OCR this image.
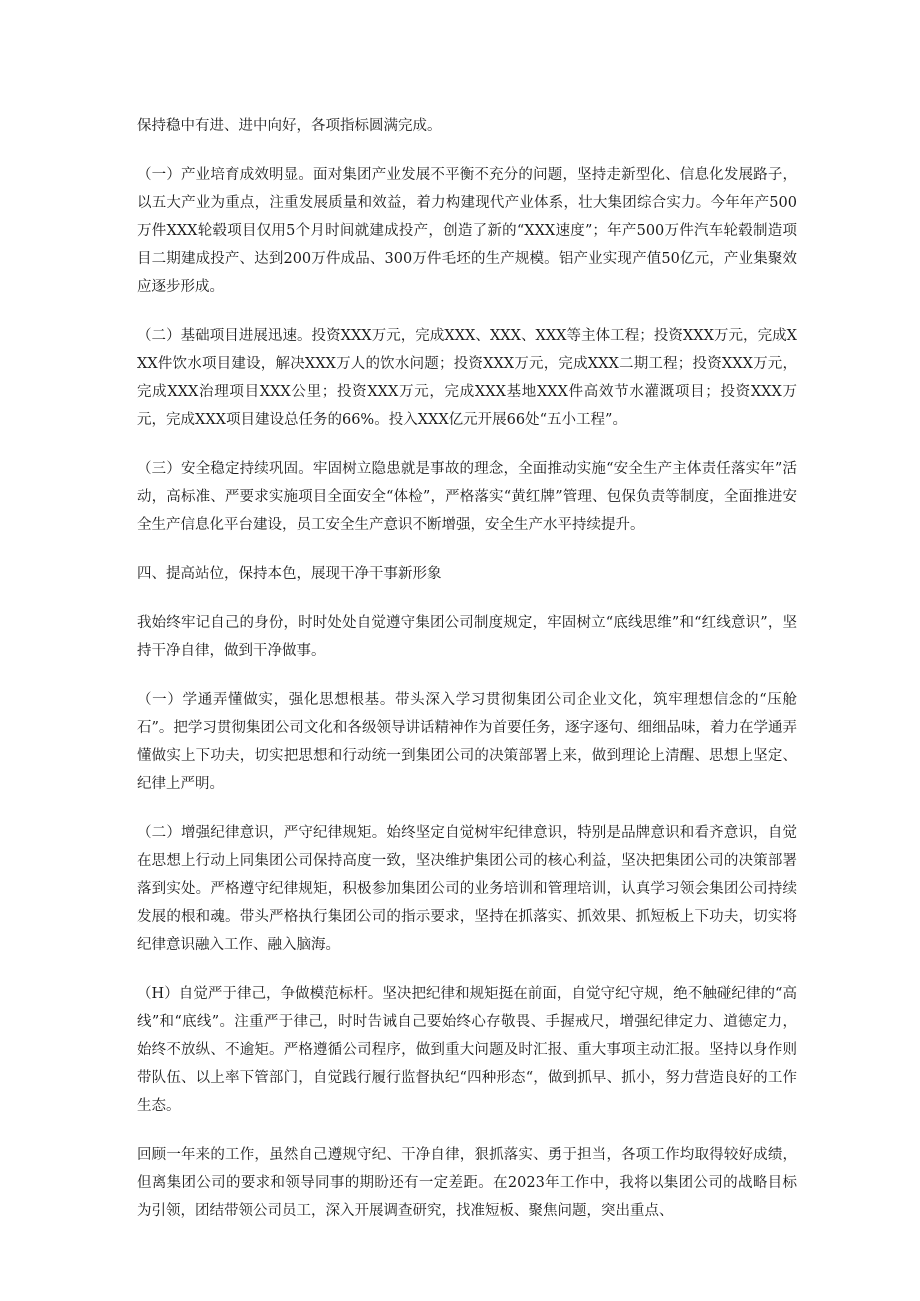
保持稳中有进、进中向好，各项指标圆满完成。

（一）产业培育成效明显。面对集团产业发展不平衡不充分的问题，坚持走新型化、信息化发展路子，以五大产业为重点，注重发展质量和效益，着力构建现代产业体系，壮大集团综合实力。今年年产500万件XXX轮毂项目仅用5个月时间就建成投产，创造了新的“XXX速度”；年产500万件汽车轮毂制造项目二期建成投产、达到200万件成品、300万件毛坯的生产规模。铝产业实现产值50亿元，产业集聚效应逐步形成。

（二）基础项目进展迅速。投资XXX万元，完成XXX、XXX、XXX等主体工程；投资XXX万元，完成XXX件饮水项目建设，解决XXX万人的饮水问题；投资XXX万元，完成XXX二期工程；投资XXX万元，完成XXX治理项目XXX公里；投资XXX万元，完成XXX基地XXX件高效节水灌溉项目；投资XXX万元，完成XXX项目建设总任务的66%。投入XXX亿元开展66处“五小工程”。

（三）安全稳定持续巩固。牢固树立隐患就是事故的理念，全面推动实施“安全生产主体责任落实年”活动，高标准、严要求实施项目全面安全“体检”，严格落实“黄红牌”管理、包保负责等制度，全面推进安全生产信息化平台建设，员工安全生产意识不断增强，安全生产水平持续提升。

四、提高站位，保持本色，展现干净干事新形象

我始终牢记自己的身份，时时处处自觉遵守集团公司制度规定，牢固树立“底线思维”和“红线意识”，坚持干净自律，做到干净做事。

（一）学通弄懂做实，强化思想根基。带头深入学习贯彻集团公司企业文化，筑牢理想信念的“压舱石”。把学习贯彻集团公司文化和各级领导讲话精神作为首要任务，逐字逐句、细细品味，着力在学通弄懂做实上下功夫，切实把思想和行动统一到集团公司的决策部署上来，做到理论上清醒、思想上坚定、纪律上严明。

（二）增强纪律意识，严守纪律规矩。始终坚定自觉树牢纪律意识，特别是品牌意识和看齐意识，自觉在思想上行动上同集团公司保持高度一致，坚决维护集团公司的核心利益，坚决把集团公司的决策部署落到实处。严格遵守纪律规矩，积极参加集团公司的业务培训和管理培训，认真学习领会集团公司持续发展的根和魂。带头严格执行集团公司的指示要求，坚持在抓落实、抓效果、抓短板上下功夫，切实将纪律意识融入工作、融入脑海。

（H）自觉严于律己，争做模范标杆。坚决把纪律和规矩挺在前面，自觉守纪守规，绝不触碰纪律的“高线”和“底线”。注重严于律己，时时告诫自己要始终心存敬畏、手握戒尺，增强纪律定力、道德定力，始终不放纵、不逾矩。严格遵循公司程序，做到重大问题及时汇报、重大事项主动汇报。坚持以身作则带队伍、以上率下管部门，自觉践行履行监督执纪“四种形态“，做到抓早、抓小，努力营造良好的工作生态。

回顾一年来的工作，虽然自己遵规守纪、干净自律，狠抓落实、勇于担当，各项工作均取得较好成绩，但离集团公司的要求和领导同事的期盼还有一定差距。在2023年工作中，我将以集团公司的战略目标为引领，团结带领公司员工，深入开展调查研究，找准短板、聚焦问题，突出重点、
